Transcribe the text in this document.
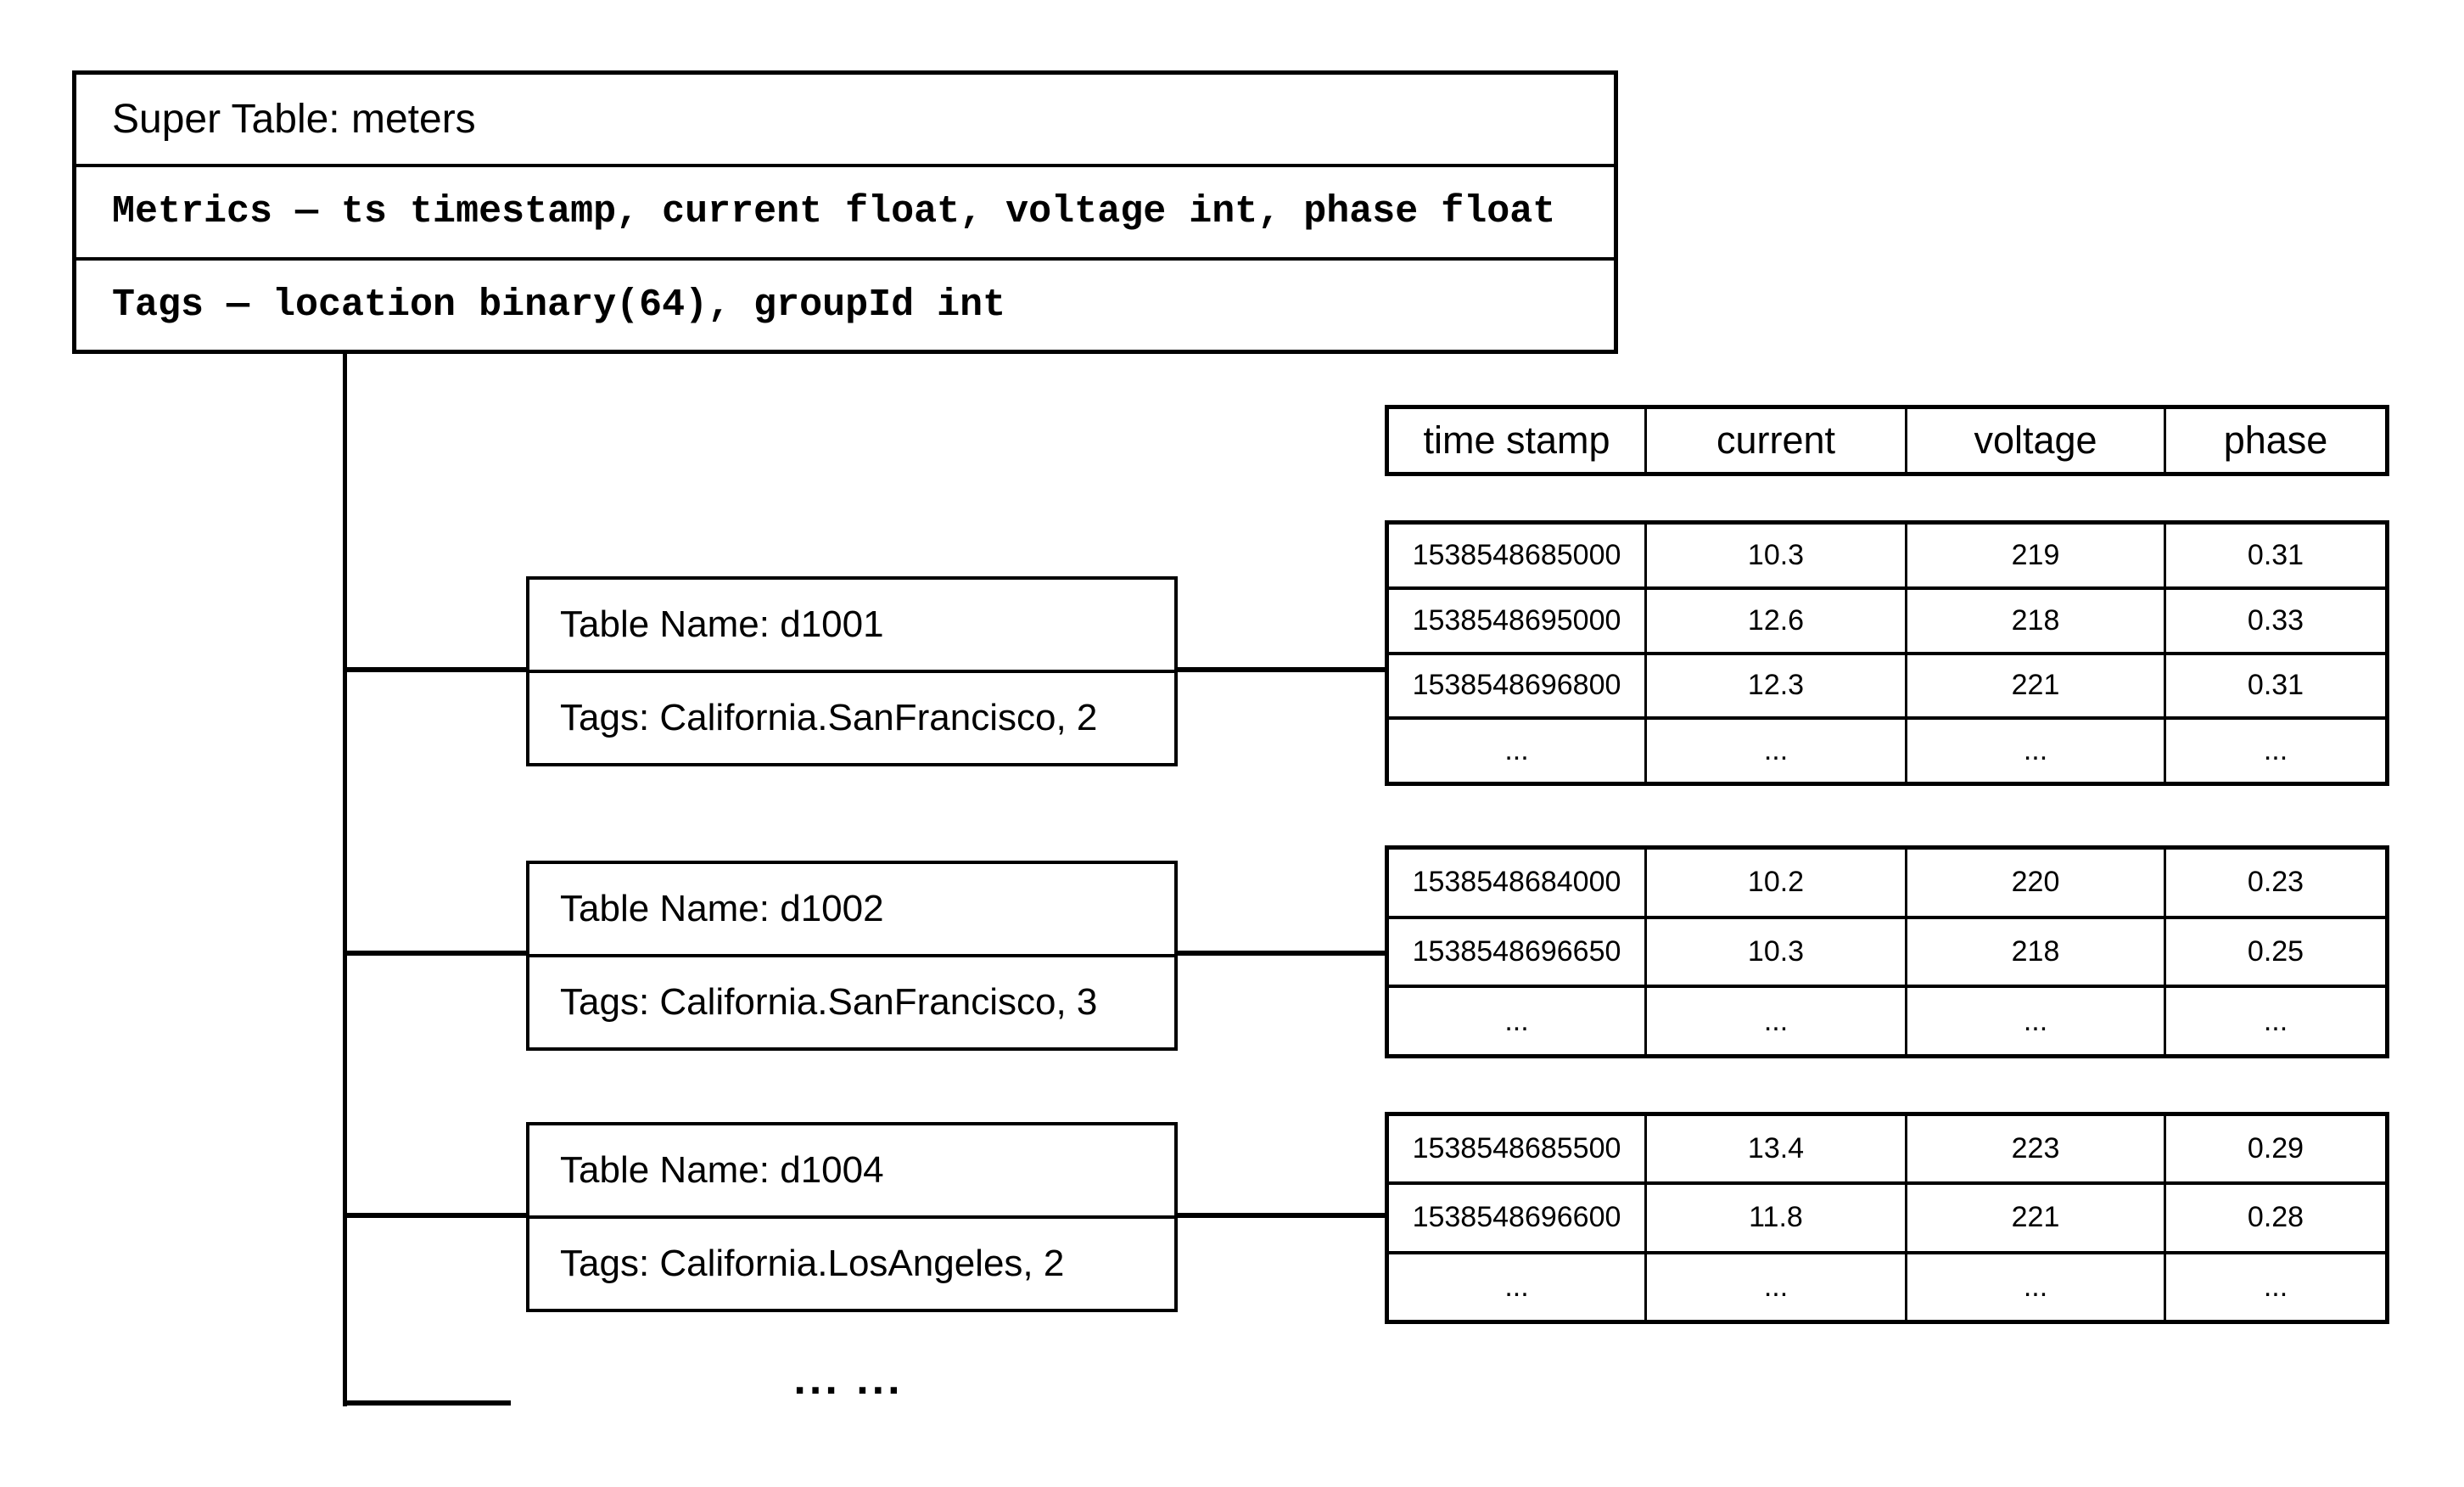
Super Table: meters
Metrics — ts timestamp, current float, voltage int, phase float
Tags — location binary(64), groupId int
Table Name: d1001
Tags: California.SanFrancisco, 2
Table Name: d1002
Tags: California.SanFrancisco, 3
Table Name: d1004
Tags: California.LosAngeles, 2
time stamp	current	voltage	phase
1538548685000	10.3	219	0.31
1538548695000	12.6	218	0.33
1538548696800	12.3	221	0.31
...	...	...	...
1538548684000	10.2	220	0.23
1538548696650	10.3	218	0.25
...	...	...	...
1538548685500	13.4	223	0.29
1538548696600	11.8	221	0.28
...	...	...	...
... ...
